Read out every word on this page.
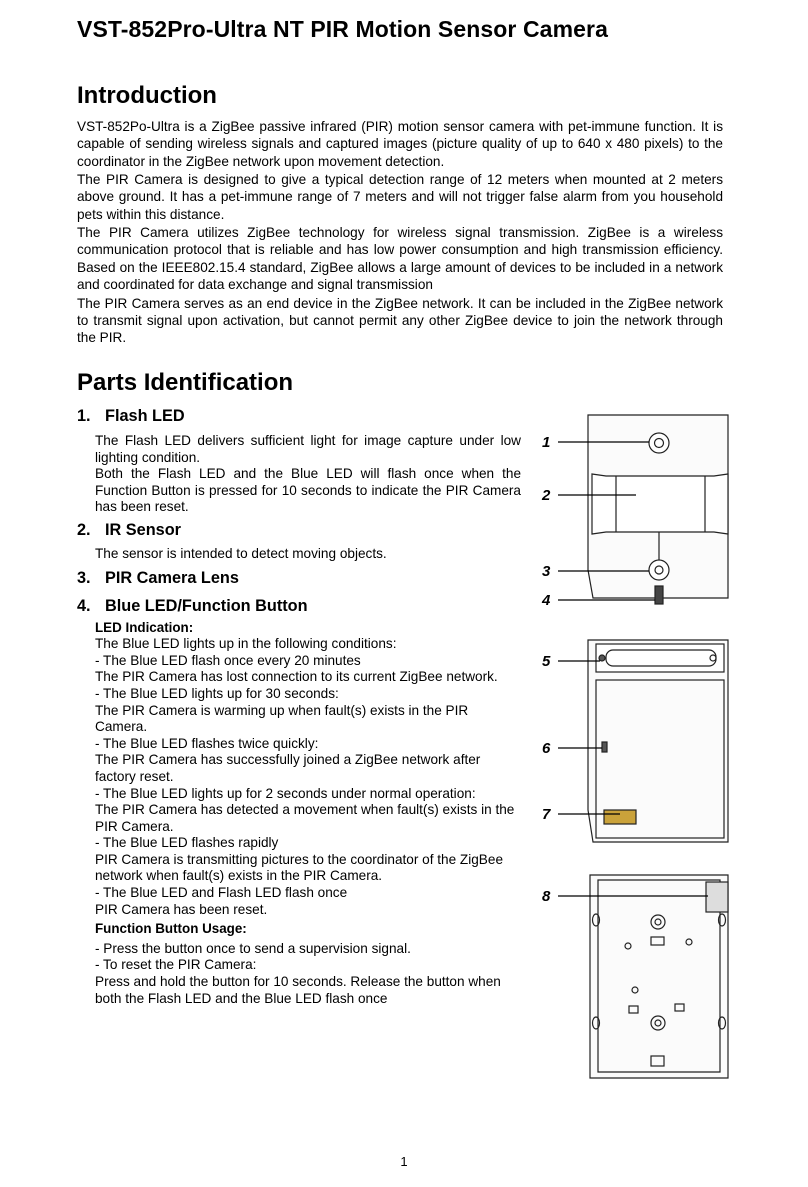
VST-852Pro-Ultra NT PIR Motion Sensor Camera
Introduction

VST-852Po-Ultra is a ZigBee passive infrared (PIR) motion sensor camera with pet-immune function. It is capable of sending wireless signals and captured images (picture quality of up to 640 x 480 pixels) to the coordinator in the ZigBee network upon movement detection.

The PIR Camera is designed to give a typical detection range of 12 meters when mounted at 2 meters above ground. It has a pet-immune range of 7 meters and will not trigger false alarm from you household pets within this distance.

The PIR Camera utilizes ZigBee technology for wireless signal transmission. ZigBee is a wireless communication protocol that is reliable and has low power consumption and high transmission efficiency. Based on the IEEE802.15.4 standard, ZigBee allows a large amount of devices to be included in a network and coordinated for data exchange and signal transmission

The PIR Camera serves as an end device in the ZigBee network. It can be included in the ZigBee network to transmit signal upon activation, but cannot permit any other ZigBee device to join the network through the PIR.

Parts Identification
1. Flash LED

The Flash LED delivers sufficient light for image capture under low lighting condition.

Both the Flash LED and the Blue LED will flash once when the Function Button is pressed for 10 seconds to indicate the PIR Camera has been reset.

2. IR Sensor

The sensor is intended to detect moving objects.

3. PIR Camera Lens
4. Blue LED/Function Button

LED Indication:

The Blue LED lights up in the following conditions:

- The Blue LED flash once every 20 minutes

The PIR Camera has lost connection to its current ZigBee network.

- The Blue LED lights up for 30 seconds:

The PIR Camera is warming up when fault(s) exists in the PIR Camera.

- The Blue LED flashes twice quickly:

The PIR Camera has successfully joined a ZigBee network after factory reset.

- The Blue LED lights up for 2 seconds under normal operation:

The PIR Camera has detected a movement when fault(s) exists in the PIR Camera.

- The Blue LED flashes rapidly

PIR Camera is transmitting pictures to the coordinator of the ZigBee network when fault(s) exists in the PIR Camera.

- The Blue LED and Flash LED flash once

PIR Camera has been reset.

Function Button Usage:

- Press the button once to send a supervision signal.

- To reset the PIR Camera:

Press and hold the button for 10 seconds. Release the button when both the Flash LED and the Blue LED flash once

1
2
3
4
5
6
7
8
1
